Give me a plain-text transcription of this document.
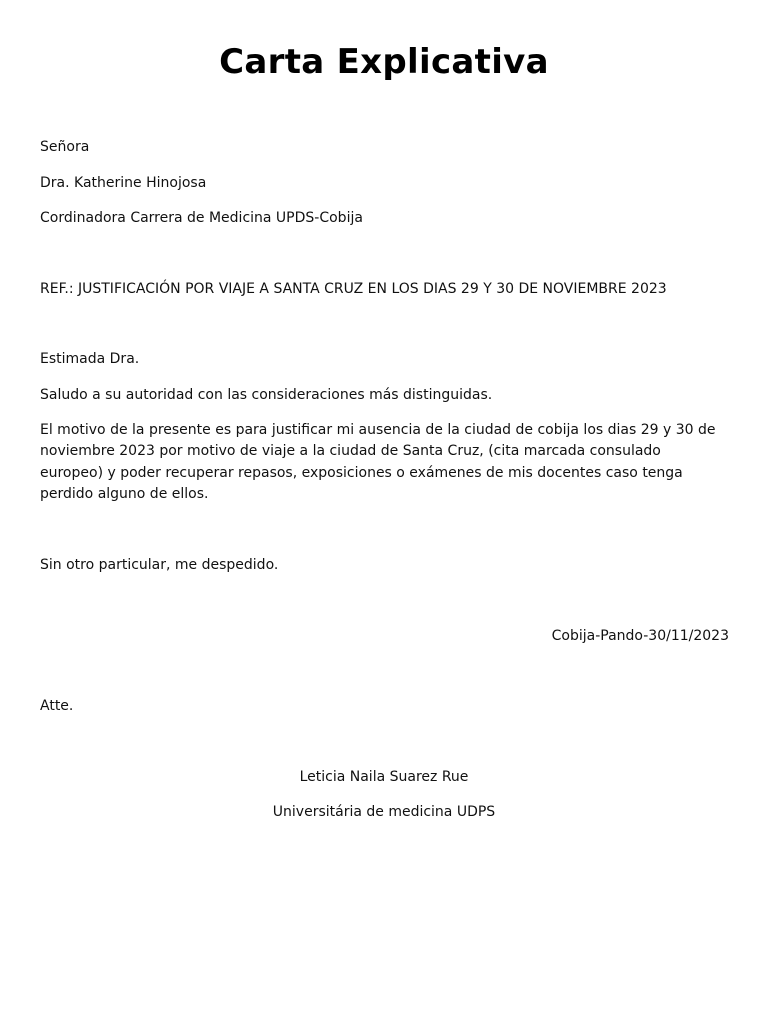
Carta Explicativa
Señora
Dra. Katherine Hinojosa
Cordinadora Carrera de Medicina UPDS-Cobija
REF.: JUSTIFICACIÓN POR VIAJE A SANTA CRUZ EN LOS DIAS 29 Y 30 DE NOVIEMBRE 2023
Estimada Dra.
Saludo a su autoridad con las consideraciones más distinguidas.
El motivo de la presente es para justificar mi ausencia de la ciudad de cobija los dias 29 y 30 de
noviembre 2023 por motivo de viaje a la ciudad de Santa Cruz, (cita marcada consulado
europeo) y poder recuperar repasos, exposiciones o exámenes de mis docentes caso tenga
perdido alguno de ellos.
Sin otro particular, me despedido.
Cobija-Pando-30/11/2023
Atte.
Leticia Naila Suarez Rue
Universitária de medicina UDPS
